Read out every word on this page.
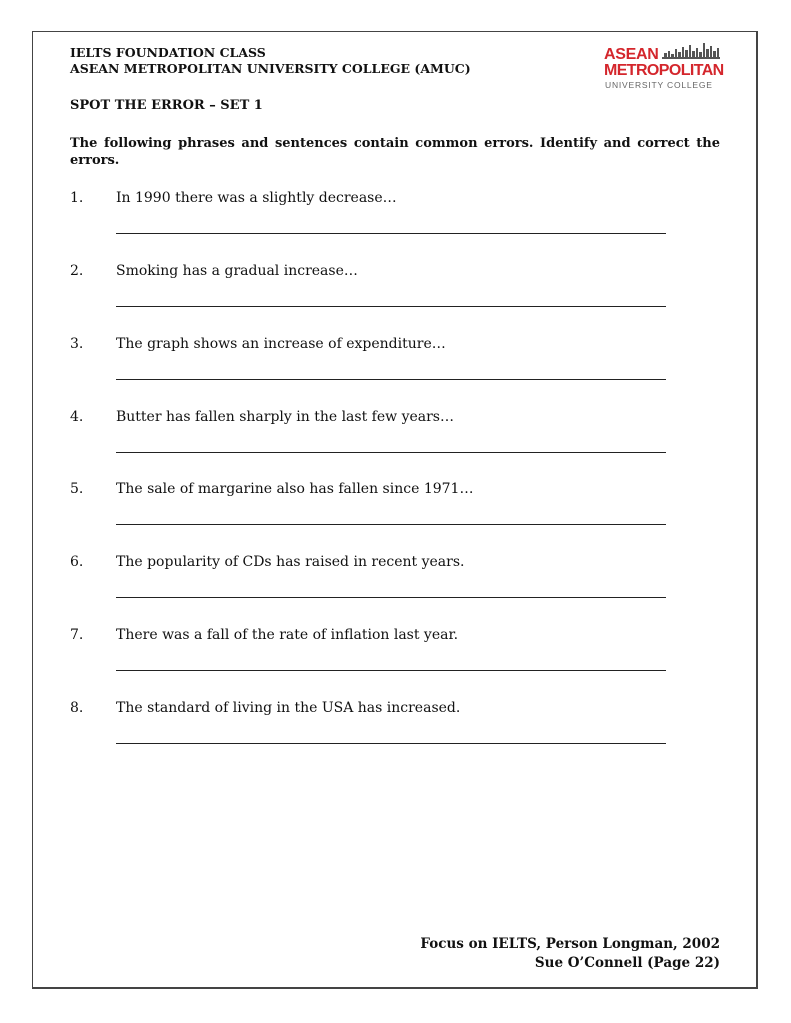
IELTS FOUNDATION CLASS
ASEAN METROPOLITAN UNIVERSITY COLLEGE (AMUC)
ASEAN
METROPOLITAN
UNIVERSITY COLLEGE
SPOT THE ERROR – SET 1
The following phrases and sentences contain common errors. Identify and correct the errors.
1. In 1990 there was a slightly decrease…
2. Smoking has a gradual increase…
3. The graph shows an increase of expenditure…
4. Butter has fallen sharply in the last few years…
5. The sale of margarine also has fallen since 1971…
6. The popularity of CDs has raised in recent years.
7. There was a fall of the rate of inflation last year.
8. The standard of living in the USA has increased.
Focus on IELTS, Person Longman, 2002
Sue O’Connell (Page 22)
